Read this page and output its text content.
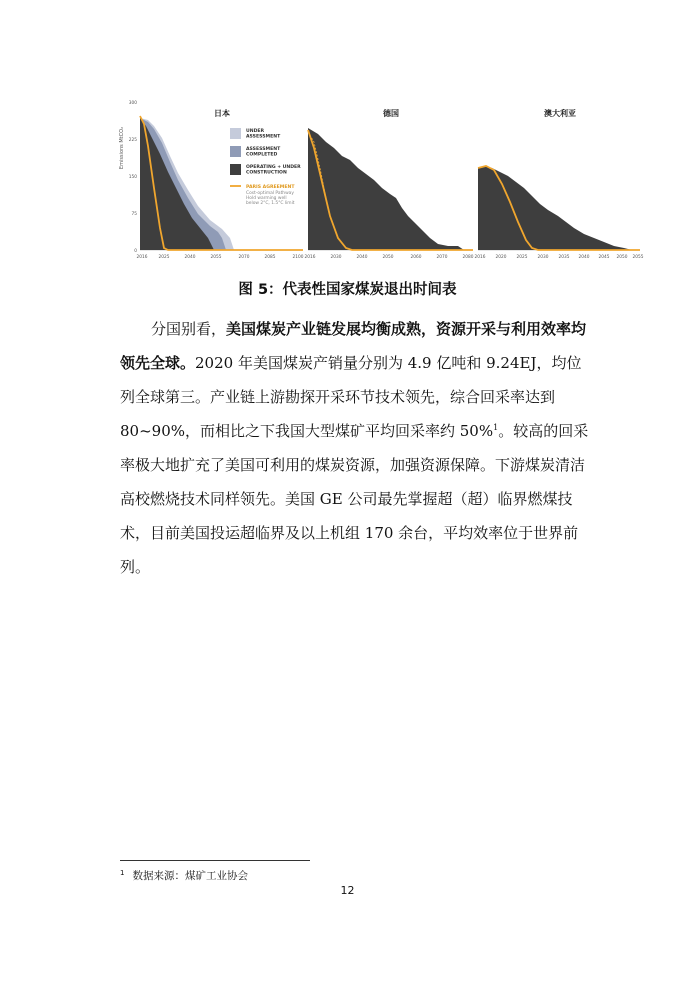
Emissions MtCO₂
300
225
150
75
0
日本
2016	2025	2040	2055	2070	2085	2100
UNDER ASSESSMENT
ASSESSMENT COMPLETED
OPERATING + UNDER CONSTRUCTION
PARIS AGREEMENT
Cost-optimal Pathway Hold warming well below 2°C, 1.5°C limit
德国
2016	2030	2040	2050	2060	2070	2080
澳大利亚
2016 2020 2025 2030 2035 2040 2045 2050 2055
图 5：代表性国家煤炭退出时间表
分国别看，美国煤炭产业链发展均衡成熟，资源开采与利用效率均领先全球。2020 年美国煤炭产销量分别为 4.9 亿吨和 9.24EJ，均位列全球第三。产业链上游勘探开采环节技术领先，综合回采率达到 80~90%，而相比之下我国大型煤矿平均回采率约 50%$^1$。较高的回采率极大地扩充了美国可利用的煤炭资源，加强资源保障。下游煤炭清洁高校燃烧技术同样领先。美国 GE 公司最先掌握超（超）临界燃煤技术，目前美国投运超临界及以上机组 170 余台，平均效率位于世界前列。
$^1$ 数据来源：煤矿工业协会
12
